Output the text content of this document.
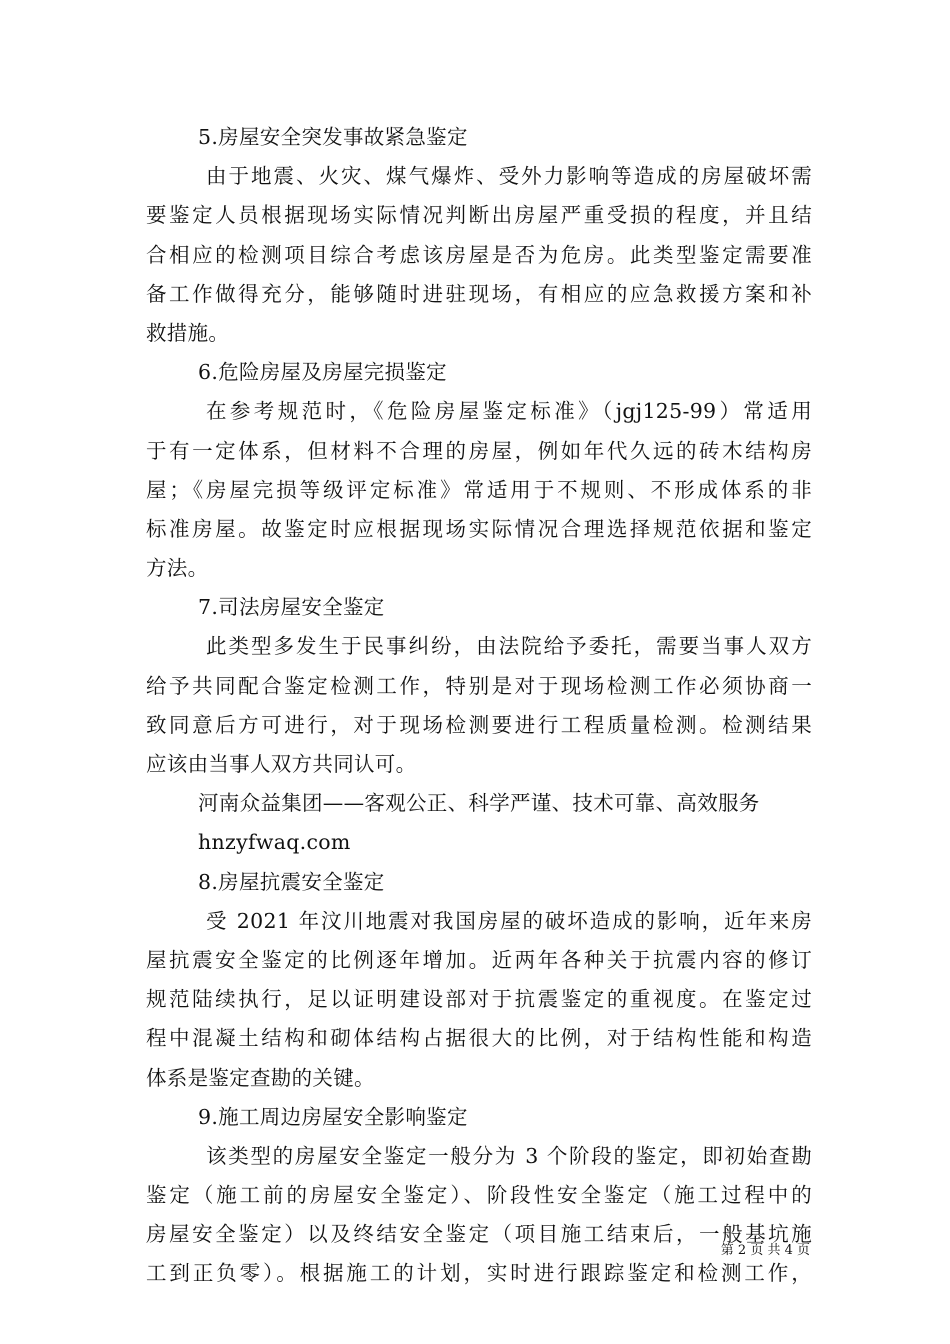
5.房屋安全突发事故紧急鉴定
由于地震、火灾、煤气爆炸、受外力影响等造成的房屋破坏需
要鉴定人员根据现场实际情况判断出房屋严重受损的程度，并且结
合相应的检测项目综合考虑该房屋是否为危房。此类型鉴定需要准
备工作做得充分，能够随时进驻现场，有相应的应急救援方案和补
救措施。
6.危险房屋及房屋完损鉴定
在参考规范时，《危险房屋鉴定标准》（jgj125-99）常适用
于有一定体系，但材料不合理的房屋，例如年代久远的砖木结构房
屋；《房屋完损等级评定标准》常适用于不规则、不形成体系的非
标准房屋。故鉴定时应根据现场实际情况合理选择规范依据和鉴定
方法。
7.司法房屋安全鉴定
此类型多发生于民事纠纷，由法院给予委托，需要当事人双方
给予共同配合鉴定检测工作，特别是对于现场检测工作必须协商一
致同意后方可进行，对于现场检测要进行工程质量检测。检测结果
应该由当事人双方共同认可。
河南众益集团——客观公正、科学严谨、技术可靠、高效服务
hnzyfwaq.com
8.房屋抗震安全鉴定
受 2021 年汶川地震对我国房屋的破坏造成的影响，近年来房
屋抗震安全鉴定的比例逐年增加。近两年各种关于抗震内容的修订
规范陆续执行，足以证明建设部对于抗震鉴定的重视度。在鉴定过
程中混凝土结构和砌体结构占据很大的比例，对于结构性能和构造
体系是鉴定查勘的关键。
9.施工周边房屋安全影响鉴定
该类型的房屋安全鉴定一般分为 3 个阶段的鉴定，即初始查勘
鉴定（施工前的房屋安全鉴定）、阶段性安全鉴定（施工过程中的
房屋安全鉴定）以及终结安全鉴定（项目施工结束后，一般基坑施
工到正负零）。根据施工的计划，实时进行跟踪鉴定和检测工作，
第 2 页 共 4 页
